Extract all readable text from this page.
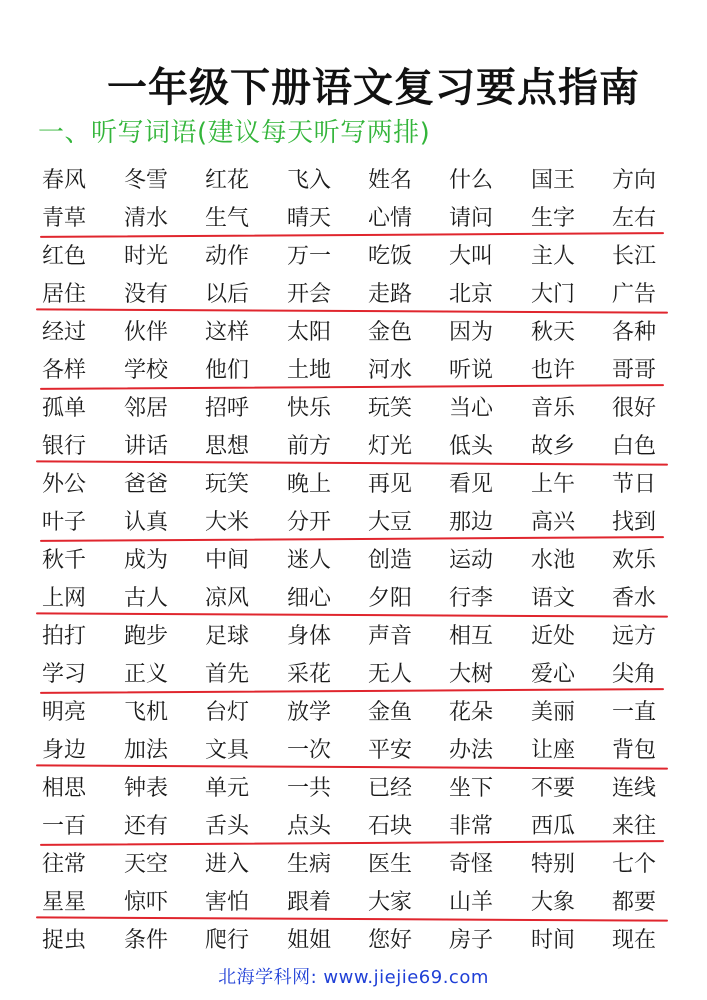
一年级下册语文复习要点指南
一、听写词语(建议每天听写两排)
春风	冬雪	红花	飞入	姓名	什么	国王	方向
青草	清水	生气	晴天	心情	请问	生字	左右
红色	时光	动作	万一	吃饭	大叫	主人	长江
居住	没有	以后	开会	走路	北京	大门	广告
经过	伙伴	这样	太阳	金色	因为	秋天	各种
各样	学校	他们	土地	河水	听说	也许	哥哥
孤单	邻居	招呼	快乐	玩笑	当心	音乐	很好
银行	讲话	思想	前方	灯光	低头	故乡	白色
外公	爸爸	玩笑	晚上	再见	看见	上午	节日
叶子	认真	大米	分开	大豆	那边	高兴	找到
秋千	成为	中间	迷人	创造	运动	水池	欢乐
上网	古人	凉风	细心	夕阳	行李	语文	香水
拍打	跑步	足球	身体	声音	相互	近处	远方
学习	正义	首先	采花	无人	大树	爱心	尖角
明亮	飞机	台灯	放学	金鱼	花朵	美丽	一直
身边	加法	文具	一次	平安	办法	让座	背包
相思	钟表	单元	一共	已经	坐下	不要	连线
一百	还有	舌头	点头	石块	非常	西瓜	来往
往常	天空	进入	生病	医生	奇怪	特别	七个
星星	惊吓	害怕	跟着	大家	山羊	大象	都要
捉虫	条件	爬行	姐姐	您好	房子	时间	现在
北海学科网: www.jiejie69.com
